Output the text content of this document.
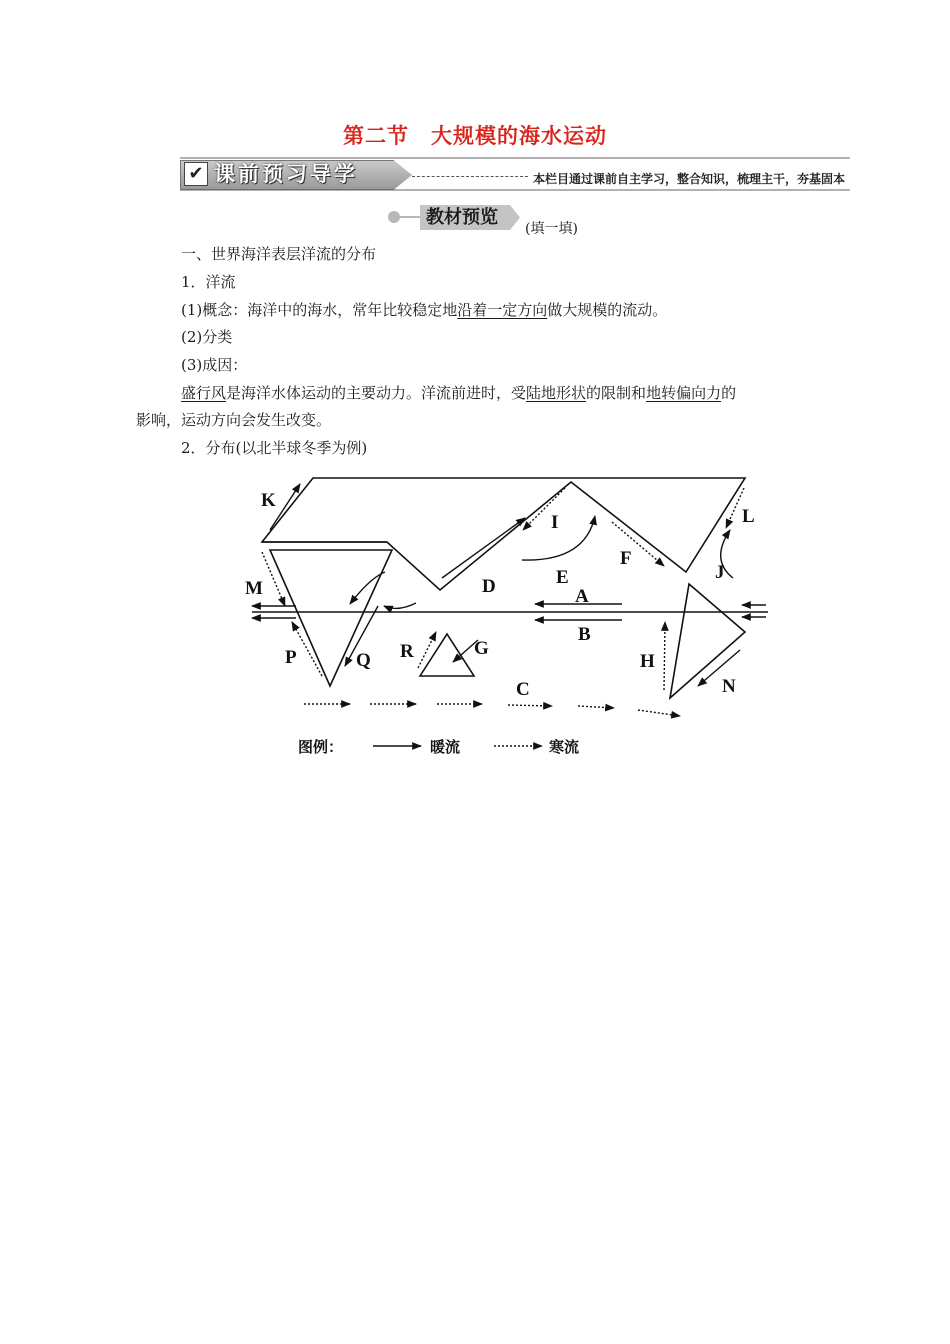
第二节　大规模的海水运动
✔ 课前预习导学	本栏目通过课前自主学习，整合知识，梳理主干，夯基固本
教材预览
(填一填)
一、世界海洋表层洋流的分布
1．洋流
(1)概念：海洋中的海水，常年比较稳定地沿着一定方向做大规模的流动。
(2)分类
(3)成因：
盛行风是海洋水体运动的主要动力。洋流前进时，受陆地形状的限制和地转偏向力的
影响，运动方向会发生改变。
2．分布(以北半球冬季为例)
K
M
P	Q
I
D	E
A
B
F
L
J
H
N
R	G
C
图例：	暖流	寒流
